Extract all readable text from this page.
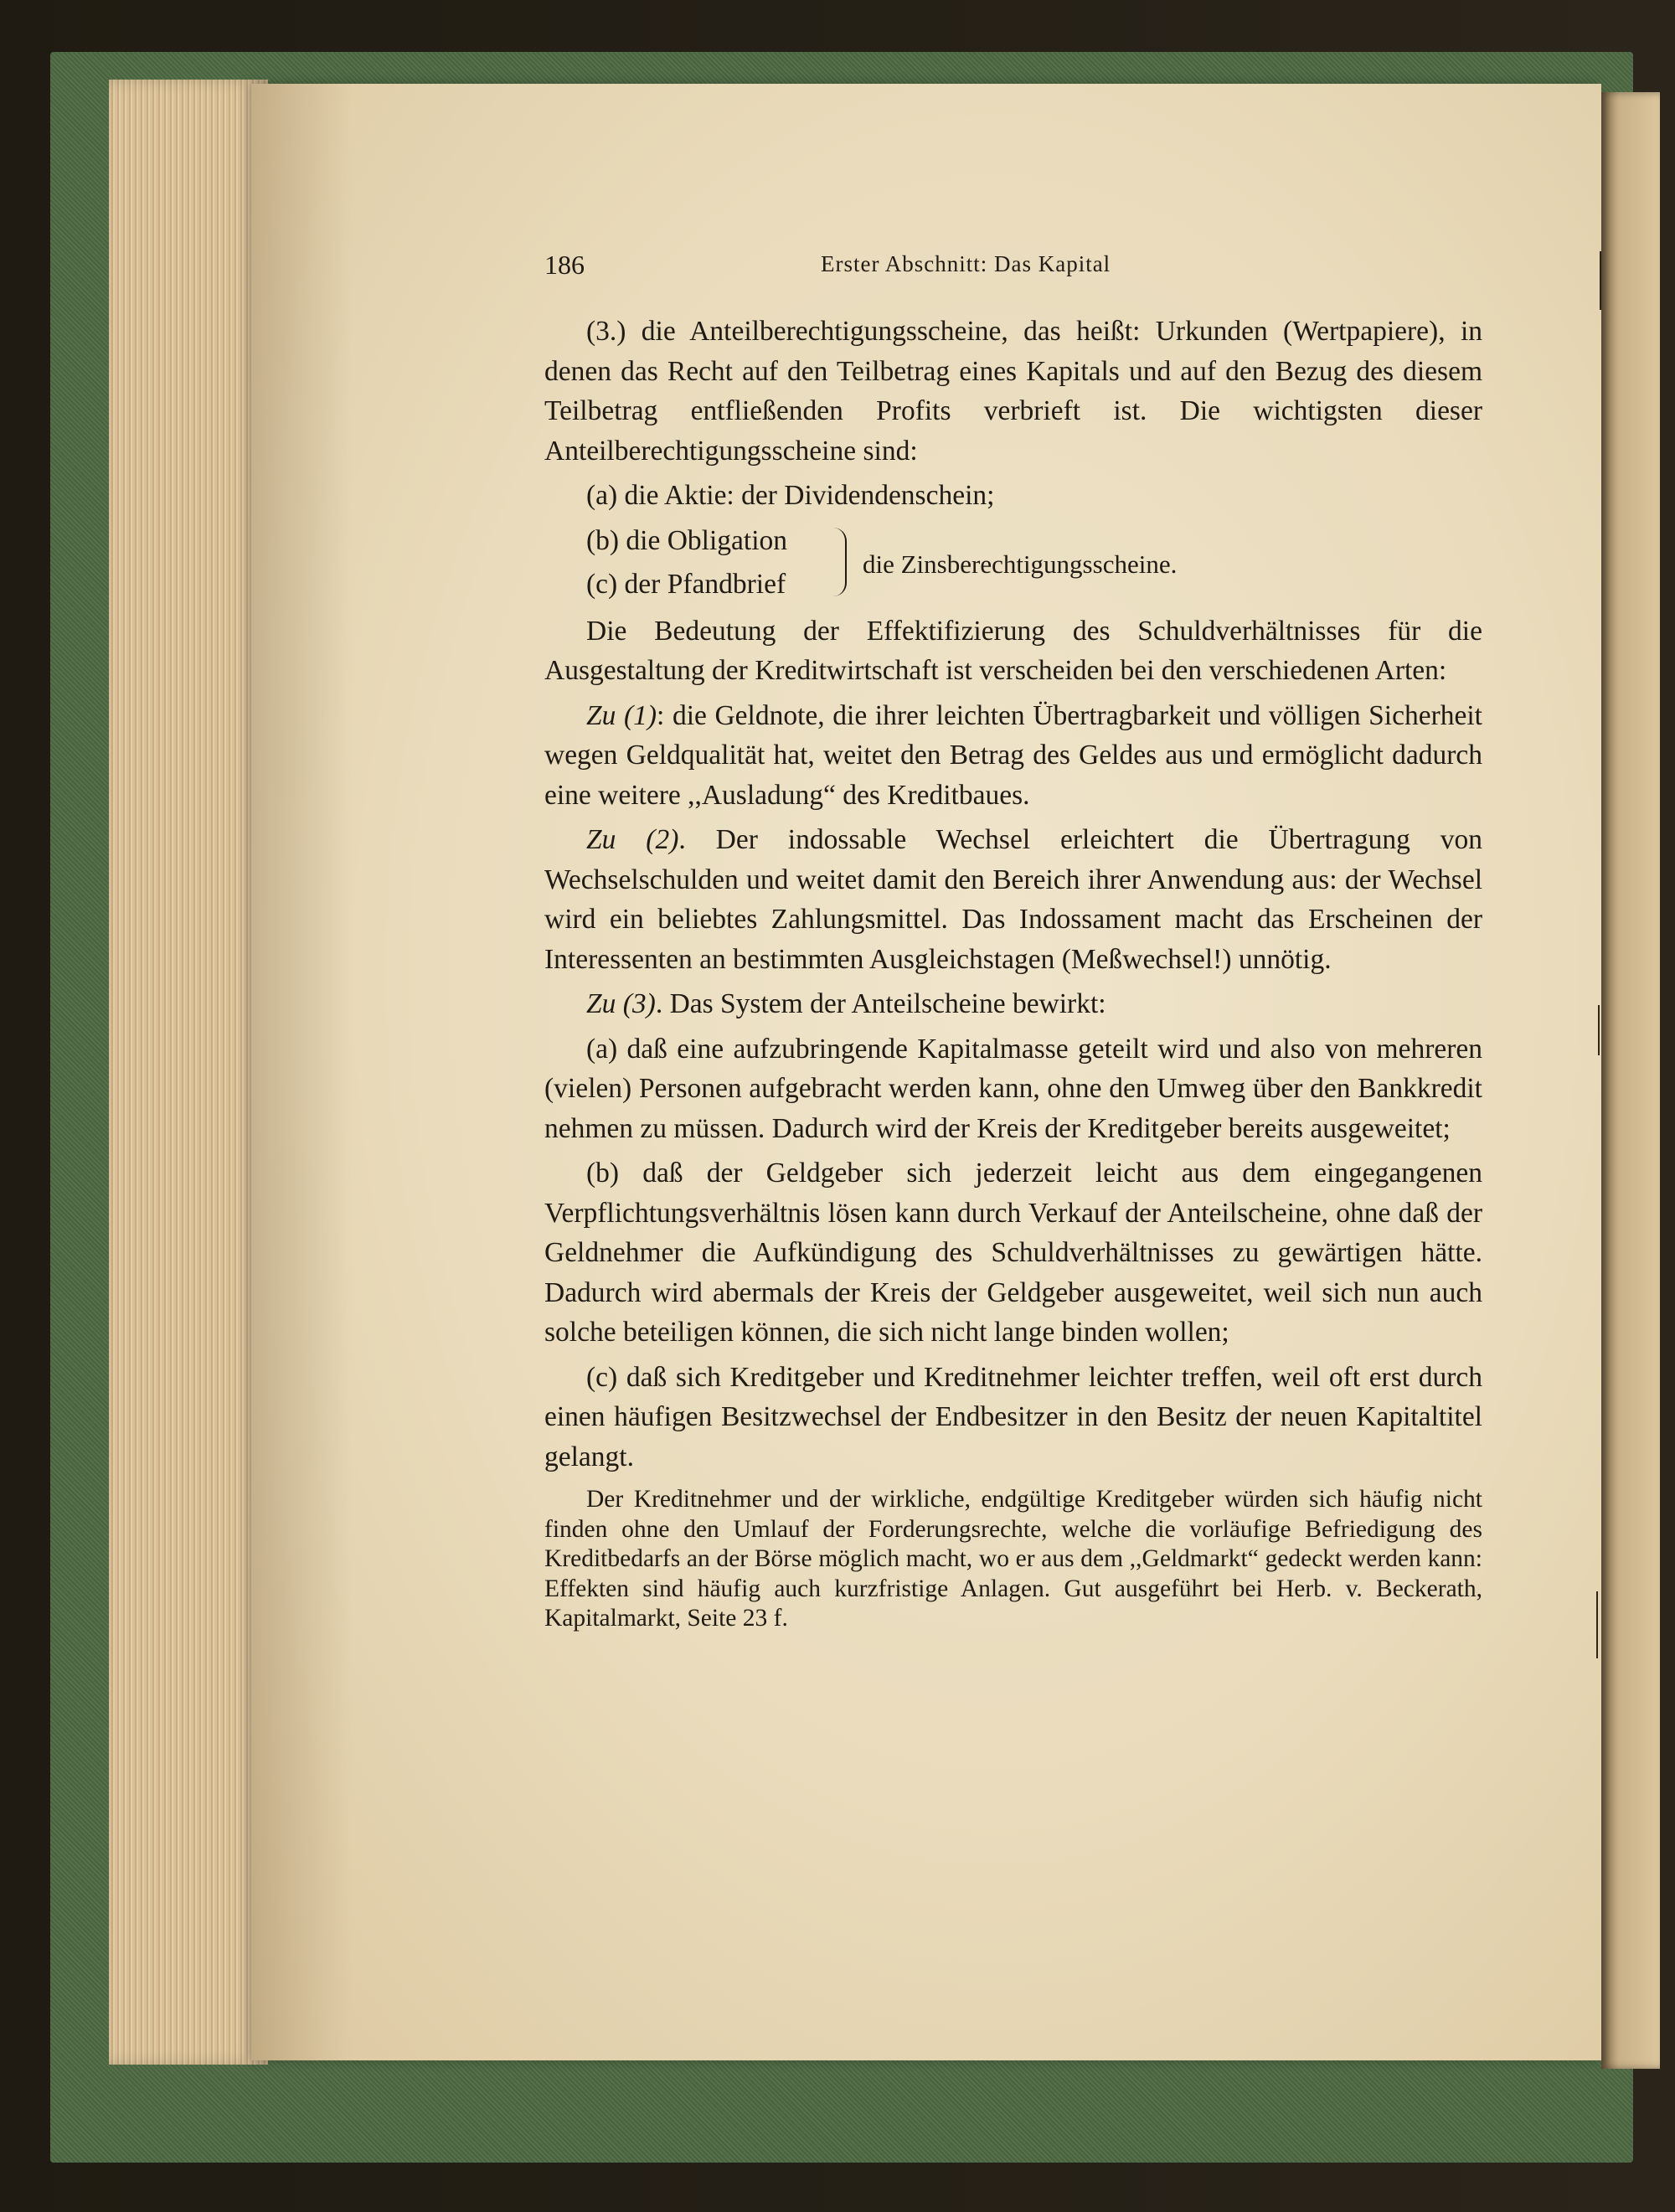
186	Erster Abschnitt: Das Kapital

(3.) die Anteilberechtigungsscheine, das heißt: Urkunden (Wertpapiere), in denen das Recht auf den Teilbetrag eines Kapitals und auf den Bezug des diesem Teilbetrag entfließenden Profits verbrieft ist. Die wichtigsten dieser Anteilberechtigungsscheine sind:

(a) die Aktie: der Dividendenschein;

(b) die Obligation
(c) der Pfandbrief
die Zinsberechtigungsscheine.

Die Bedeutung der Effektifizierung des Schuldverhältnisses für die Ausgestaltung der Kreditwirtschaft ist verscheiden bei den verschiedenen Arten:

Zu (1): die Geldnote, die ihrer leichten Übertragbarkeit und völligen Sicherheit wegen Geldqualität hat, weitet den Betrag des Geldes aus und ermöglicht dadurch eine weitere ,,Ausladung“ des Kreditbaues.

Zu (2). Der indossable Wechsel erleichtert die Übertragung von Wechselschulden und weitet damit den Bereich ihrer Anwendung aus: der Wechsel wird ein beliebtes Zahlungsmittel. Das Indossament macht das Erscheinen der Interessenten an bestimmten Ausgleichstagen (Meßwechsel!) unnötig.

Zu (3). Das System der Anteilscheine bewirkt:

(a) daß eine aufzubringende Kapitalmasse geteilt wird und also von mehreren (vielen) Personen aufgebracht werden kann, ohne den Umweg über den Bankkredit nehmen zu müssen. Dadurch wird der Kreis der Kreditgeber bereits ausgeweitet;

(b) daß der Geldgeber sich jederzeit leicht aus dem eingegangenen Verpflichtungsverhältnis lösen kann durch Verkauf der Anteilscheine, ohne daß der Geldnehmer die Aufkündigung des Schuldverhältnisses zu gewärtigen hätte. Dadurch wird abermals der Kreis der Geldgeber ausgeweitet, weil sich nun auch solche beteiligen können, die sich nicht lange binden wollen;

(c) daß sich Kreditgeber und Kreditnehmer leichter treffen, weil oft erst durch einen häufigen Besitzwechsel der Endbesitzer in den Besitz der neuen Kapitaltitel gelangt.

Der Kreditnehmer und der wirkliche, endgültige Kreditgeber würden sich häufig nicht finden ohne den Umlauf der Forderungsrechte, welche die vorläufige Befriedigung des Kreditbedarfs an der Börse möglich macht, wo er aus dem ,,Geldmarkt“ gedeckt werden kann: Effekten sind häufig auch kurzfristige Anlagen. Gut ausgeführt bei Herb. v. Beckerath, Kapitalmarkt, Seite 23 f.
